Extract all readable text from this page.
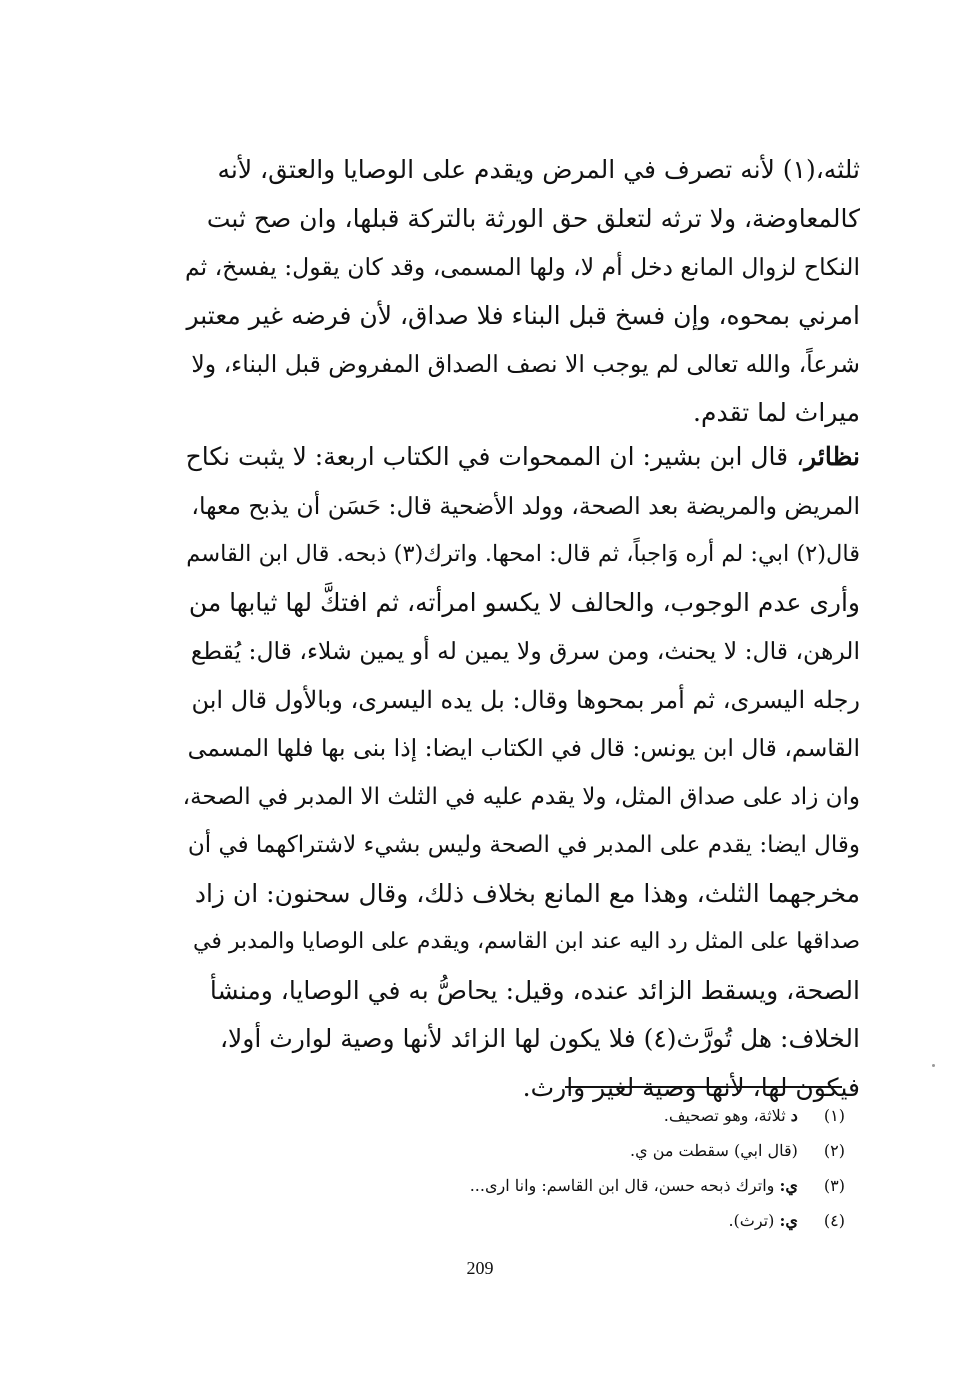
ثلثه،(١) لأنه تصرف في المرض ويقدم على الوصايا والعتق، لأنه
كالمعاوضة، ولا ترثه لتعلق حق الورثة بالتركة قبلها، وان صح ثبت
النكاح لزوال المانع دخل أم لا، ولها المسمى، وقد كان يقول: يفسخ، ثم
امرني بمحوه، وإن فسخ قبل البناء فلا صداق، لأن فرضه غير معتبر
شرعاً، والله تعالى لم يوجب الا نصف الصداق المفروض قبل البناء، ولا
ميراث لما تقدم.
نظائر، قال ابن بشير: ان الممحوات في الكتاب اربعة: لا يثبت نكاح
المريض والمريضة بعد الصحة، وولد الأضحية قال: حَسَن أن يذبح معها،
قال(٢) ابي: لم أره وَاجباً، ثم قال: امحها. واترك(٣) ذبحه. قال ابن القاسم
وأرى عدم الوجوب، والحالف لا يكسو امرأته، ثم افتكَّ لها ثيابها من
الرهن، قال: لا يحنث، ومن سرق ولا يمين له أو يمين شلاء، قال: يُقطع
رجله اليسرى، ثم أمر بمحوها وقال: بل يده اليسرى، وبالأول قال ابن
القاسم، قال ابن يونس: قال في الكتاب ايضا: إذا بنى بها فلها المسمى
وان زاد على صداق المثل، ولا يقدم عليه في الثلث الا المدبر في الصحة،
وقال ايضا: يقدم على المدبر في الصحة وليس بشيء لاشتراكهما في أن
مخرجهما الثلث، وهذا مع المانع بخلاف ذلك، وقال سحنون: ان زاد
صداقها على المثل رد اليه عند ابن القاسم، ويقدم على الوصايا والمدبر في
الصحة، ويسقط الزائد عنده، وقيل: يحاصُّ به في الوصايا، ومنشأ
الخلاف: هل تُورَّث(٤) فلا يكون لها الزائد لأنها وصية لوارث أولا،
فيكون لها، لأنها وصية لغير وارث.
(١) د ثلاثة، وهو تصحيف.
(٢) (قال ابي) سقطت من ي.
(٣) ي: واترك ذبحه حسن، قال ابن القاسم: وانا ارى...
(٤) ي: (ترث).
209
